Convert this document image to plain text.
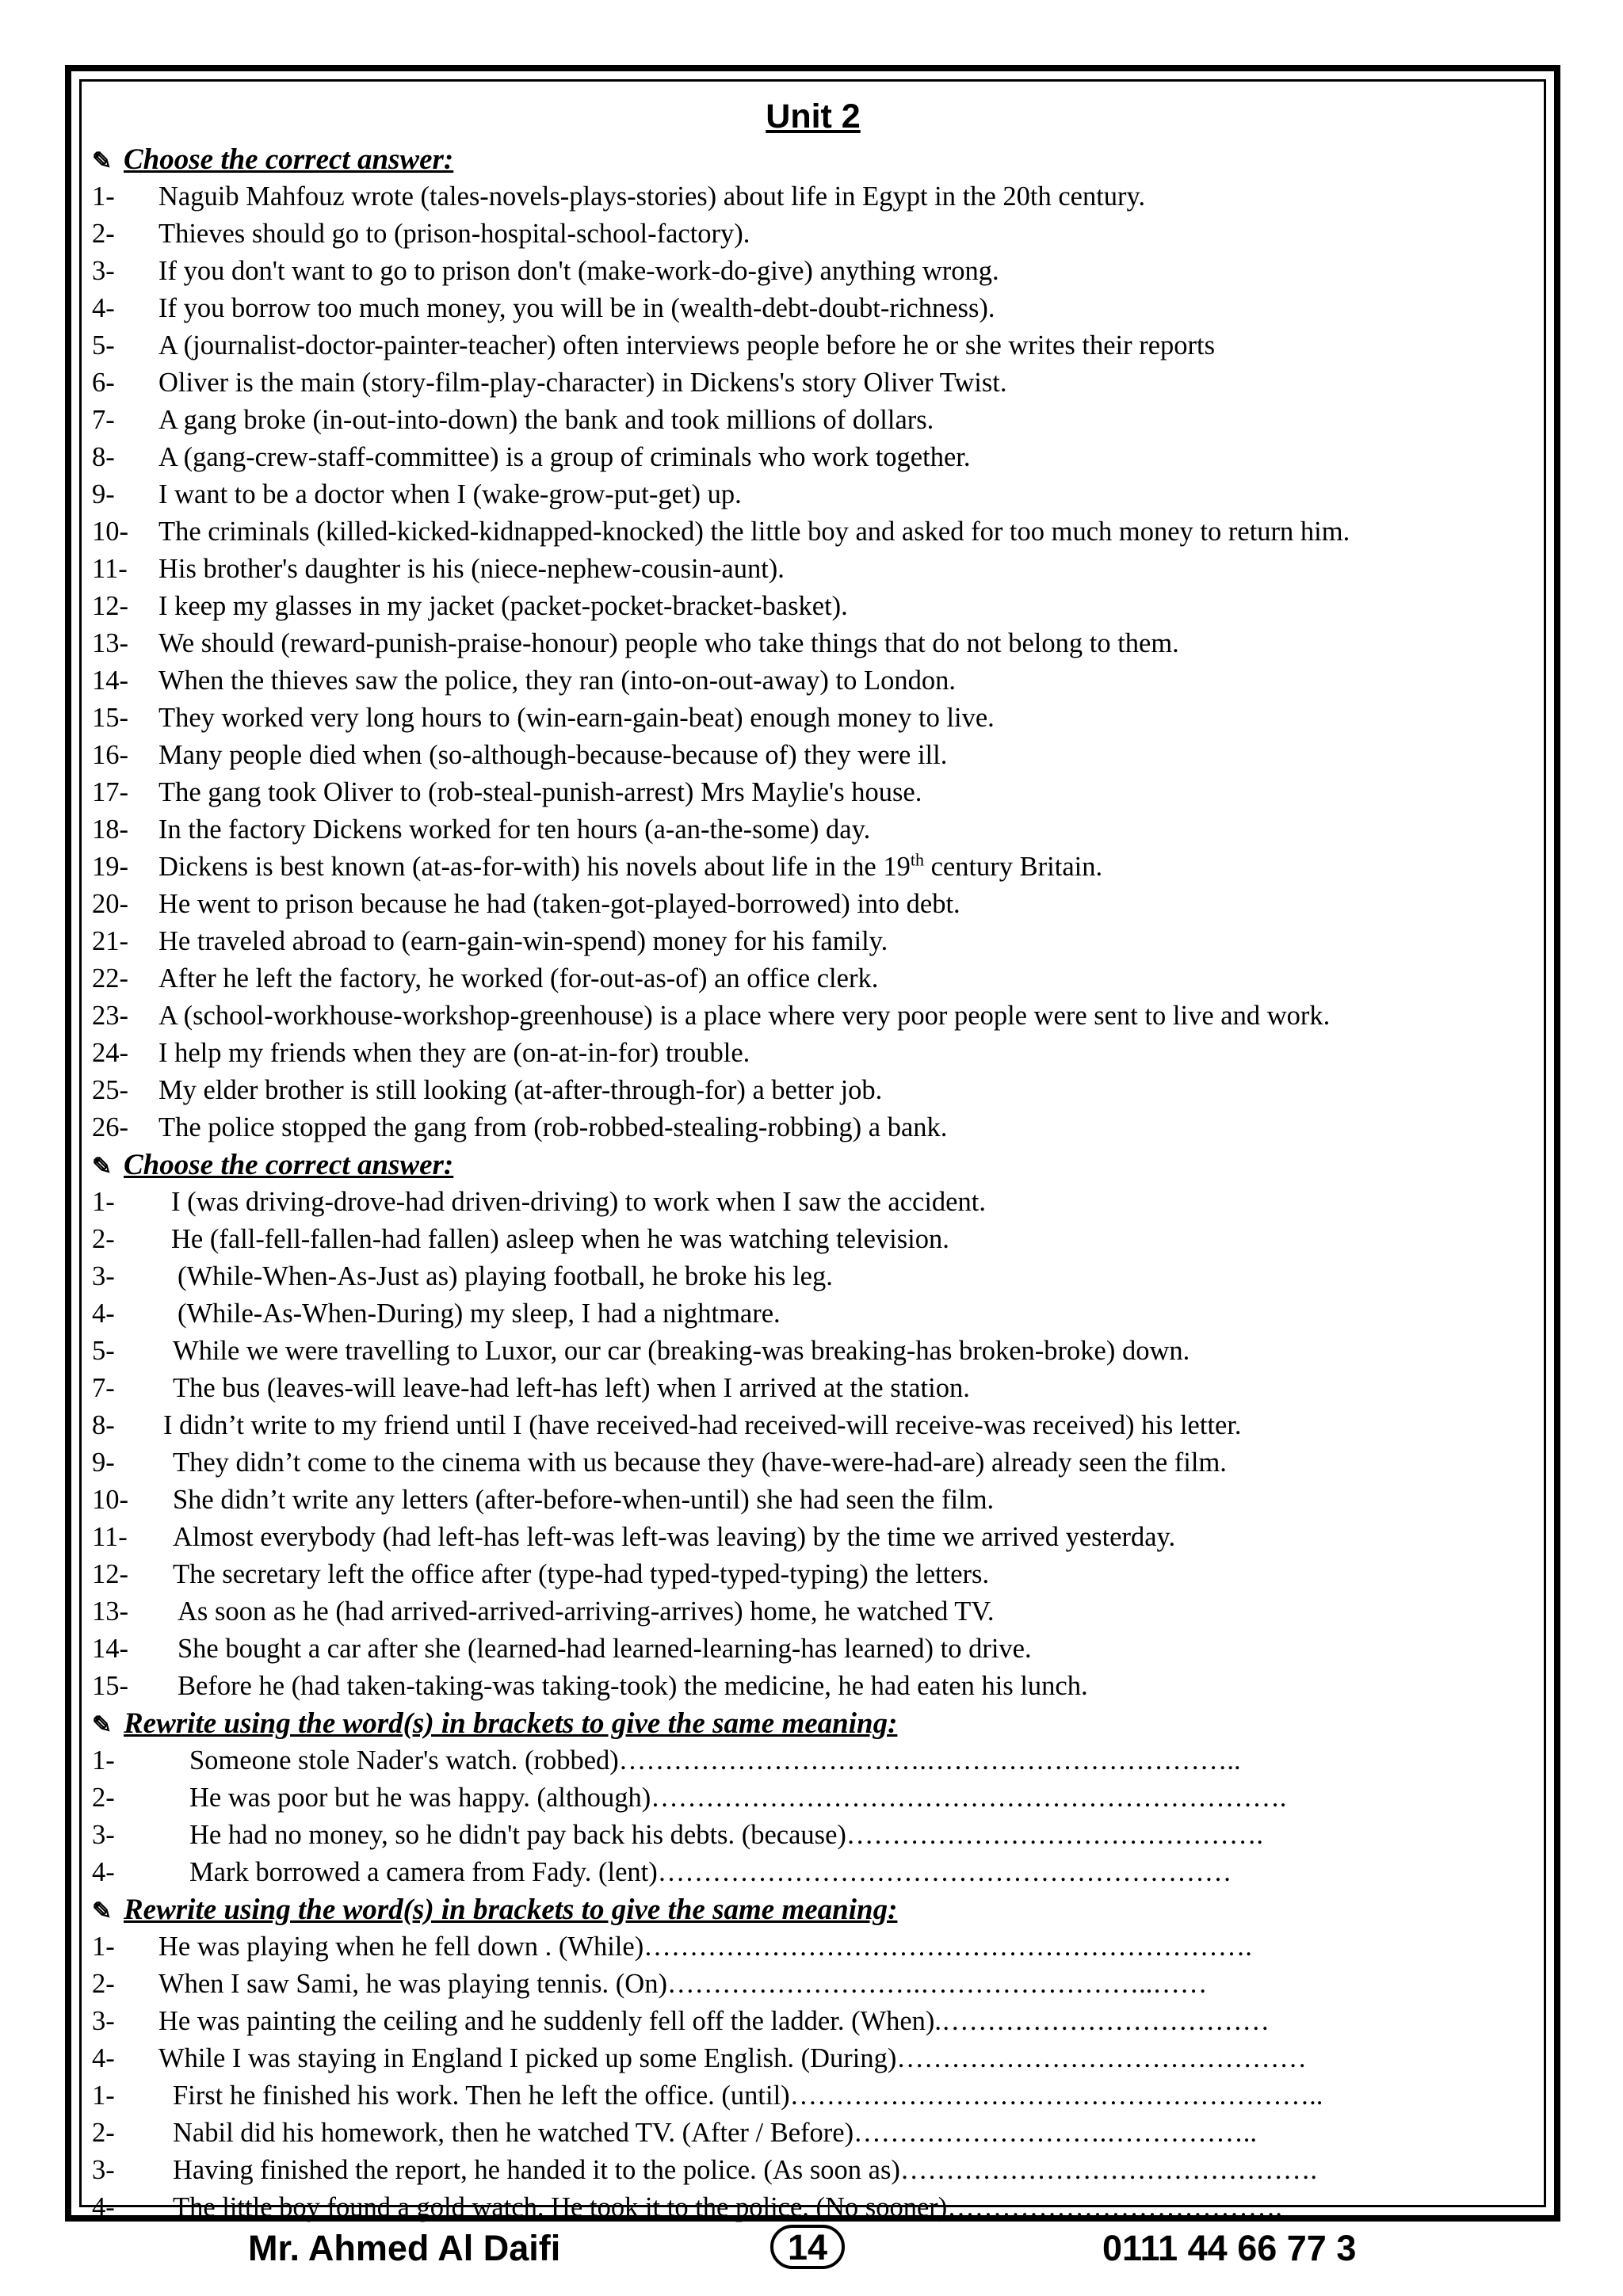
Unit 2
✎ Choose the correct answer:
1-	Naguib Mahfouz wrote (tales-novels-plays-stories) about life in Egypt in the 20th century.
2-	Thieves should go to (prison-hospital-school-factory).
3-	If you don't want to go to prison don't (make-work-do-give) anything wrong.
4-	If you borrow too much money, you will be in (wealth-debt-doubt-richness).
5-	A (journalist-doctor-painter-teacher) often interviews people before he or she writes their reports
6-	Oliver is the main (story-film-play-character) in Dickens's story Oliver Twist.
7-	A gang broke (in-out-into-down) the bank and took millions of dollars.
8-	A (gang-crew-staff-committee) is a group of criminals who work together.
9-	I want to be a doctor when I (wake-grow-put-get) up.
10-	The criminals (killed-kicked-kidnapped-knocked) the little boy and asked for too much money to return him.
11-	His brother's daughter is his (niece-nephew-cousin-aunt).
12-	I keep my glasses in my jacket (packet-pocket-bracket-basket).
13-	We should (reward-punish-praise-honour) people who take things that do not belong to them.
14-	When the thieves saw the police, they ran (into-on-out-away) to London.
15-	They worked very long hours to (win-earn-gain-beat) enough money to live.
16-	Many people died when (so-although-because-because of) they were ill.
17-	The gang took Oliver to (rob-steal-punish-arrest) Mrs Maylie's house.
18-	In the factory Dickens worked for ten hours (a-an-the-some) day.
19-	Dickens is best known (at-as-for-with) his novels about life in the 19th century Britain.
20-	He went to prison because he had (taken-got-played-borrowed) into debt.
21-	He traveled abroad to (earn-gain-win-spend) money for his family.
22-	After he left the factory, he worked (for-out-as-of) an office clerk.
23-	A (school-workhouse-workshop-greenhouse) is a place where very poor people were sent to live and work.
24-	I help my friends when they are (on-at-in-for) trouble.
25-	My elder brother is still looking (at-after-through-for) a better job.
26-	The police stopped the gang from (rob-robbed-stealing-robbing) a bank.
✎ Choose the correct answer:
1-	I (was driving-drove-had driven-driving) to work when I saw the accident.
2-	He (fall-fell-fallen-had fallen) asleep when he was watching television.
3-	(While-When-As-Just as) playing football, he broke his leg.
4-	(While-As-When-During) my sleep, I had a nightmare.
5-	While we were travelling to Luxor, our car (breaking-was breaking-has broken-broke) down.
7-	The bus (leaves-will leave-had left-has left) when I arrived at the station.
8-	I didn’t write to my friend until I (have received-had received-will receive-was received) his letter.
9-	They didn’t come to the cinema with us because they (have-were-had-are) already seen the film.
10-	She didn’t write any letters (after-before-when-until) she had seen the film.
11-	Almost everybody (had left-has left-was left-was leaving) by the time we arrived yesterday.
12-	The secretary left the office after (type-had typed-typed-typing) the letters.
13-	As soon as he (had arrived-arrived-arriving-arrives) home, he watched TV.
14-	She bought a car after she (learned-had learned-learning-has learned) to drive.
15-	Before he (had taken-taking-was taking-took) the medicine, he had eaten his lunch.
✎ Rewrite using the word(s) in brackets to give the same meaning:
1-	Someone stole Nader's watch. (robbed)…………………………….……………………………..
2-	He was poor but he was happy. (although)…………………………………………………………….
3-	He had no money, so he didn't pay back his debts. (because)……………………………………….
4-	Mark borrowed a camera from Fady. (lent)………………………………………………………
✎ Rewrite using the word(s) in brackets to give the same meaning:
1-	He was playing when he fell down . (While)………………………………………………………….
2-	When I saw Sami, he was playing tennis. (On)……………………….……………………..……
3-	He was painting the ceiling and he suddenly fell off the ladder. (When).………………………………
4-	While I was staying in England I picked up some English. (During)………………………………………
1-	First he finished his work. Then he left the office. (until)…………………………………………………..
2-	Nabil did his homework, then he watched TV. (After / Before)……………………….……………..
3-	Having finished the report, he handed it to the police. (As soon as)……………………………………….
4-	The little boy found a gold watch. He took it to the police. (No sooner)……………………………….
Mr. Ahmed Al Daifi	14	0111 44 66 77 3
